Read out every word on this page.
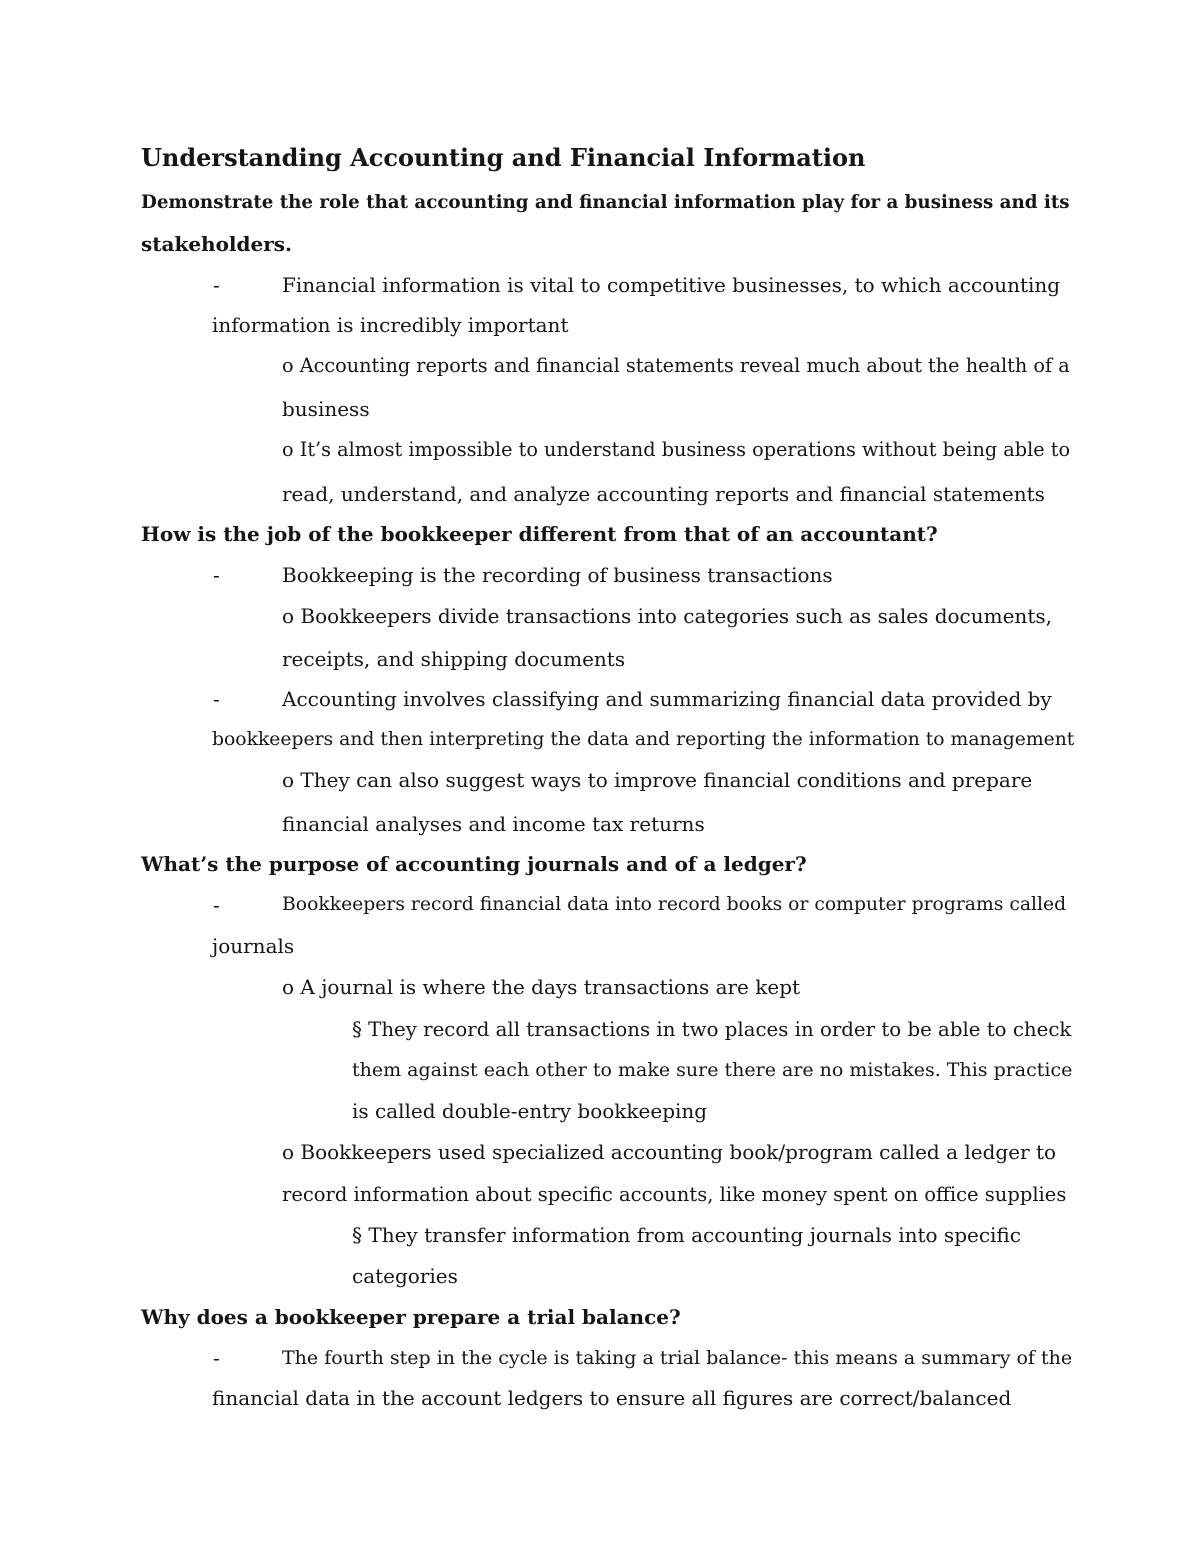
Understanding Accounting and Financial Information
Demonstrate the role that accounting and financial information play for a business and its
stakeholders.
-	Financial information is vital to competitive businesses, to which accounting
information is incredibly important
o Accounting reports and financial statements reveal much about the health of a
business
o It’s almost impossible to understand business operations without being able to
read, understand, and analyze accounting reports and financial statements
How is the job of the bookkeeper different from that of an accountant?
-	Bookkeeping is the recording of business transactions
o Bookkeepers divide transactions into categories such as sales documents,
receipts, and shipping documents
-	Accounting involves classifying and summarizing financial data provided by
bookkeepers and then interpreting the data and reporting the information to management
o They can also suggest ways to improve financial conditions and prepare
financial analyses and income tax returns
What’s the purpose of accounting journals and of a ledger?
-	Bookkeepers record financial data into record books or computer programs called
journals
o A journal is where the days transactions are kept
§ They record all transactions in two places in order to be able to check
them against each other to make sure there are no mistakes. This practice
is called double-entry bookkeeping
o Bookkeepers used specialized accounting book/program called a ledger to
record information about specific accounts, like money spent on office supplies
§ They transfer information from accounting journals into specific
categories
Why does a bookkeeper prepare a trial balance?
-	The fourth step in the cycle is taking a trial balance- this means a summary of the
financial data in the account ledgers to ensure all figures are correct/balanced
